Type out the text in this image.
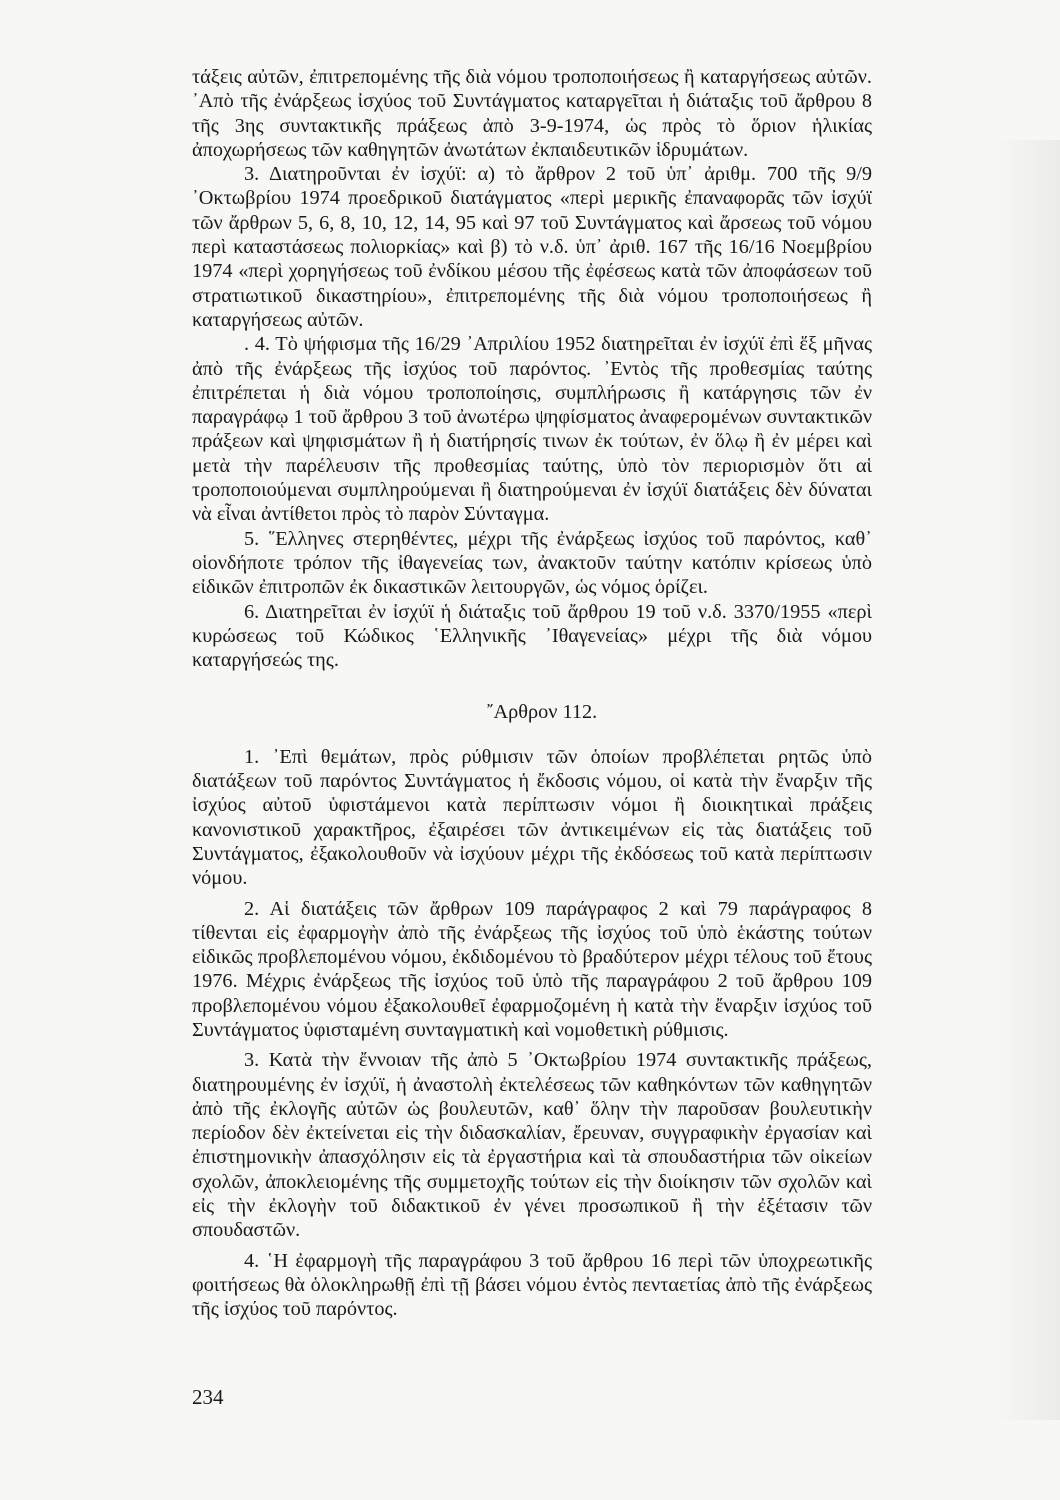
τάξεις αὐτῶν, ἐπιτρεπομένης τῆς διὰ νόμου τροποποιήσεως ἢ καταργήσεως αὐτῶν. ᾿Απὸ τῆς ἐνάρξεως ἰσχύος τοῦ Συντάγματος καταργεῖται ἡ διάταξις τοῦ ἄρθρου 8 τῆς 3ης συντακτικῆς πράξεως ἀπὸ 3-9-1974, ὡς πρὸς τὸ ὅριον ἡλικίας ἀποχωρήσεως τῶν καθηγητῶν ἀνωτάτων ἐκπαιδευτικῶν ἱδρυμάτων.

3. Διατηροῦνται ἐν ἰσχύϊ: α) τὸ ἄρθρον 2 τοῦ ὑπ᾿ ἀριθμ. 700 τῆς 9/9 ᾿Οκτωβρίου 1974 προεδρικοῦ διατάγματος «περὶ μερικῆς ἐπαναφορᾶς τῶν ἰσχύϊ τῶν ἄρθρων 5, 6, 8, 10, 12, 14, 95 καὶ 97 τοῦ Συντάγματος καὶ ἄρσεως τοῦ νόμου περὶ καταστάσεως πολιορκίας» καὶ β) τὸ ν.δ. ὑπ᾿ ἀριθ. 167 τῆς 16/16 Νοεμβρίου 1974 «περὶ χορηγήσεως τοῦ ἐνδίκου μέσου τῆς ἐφέσεως κατὰ τῶν ἀποφάσεων τοῦ στρατιωτικοῦ δικαστηρίου», ἐπιτρεπομένης τῆς διὰ νόμου τροποποιήσεως ἢ καταργήσεως αὐτῶν.

. 4. Τὸ ψήφισμα τῆς 16/29 ᾿Απριλίου 1952 διατηρεῖται ἐν ἰσχύϊ ἐπὶ ἕξ μῆνας ἀπὸ τῆς ἐνάρξεως τῆς ἰσχύος τοῦ παρόντος. ᾿Εντὸς τῆς προθεσμίας ταύτης ἐπιτρέπεται ἡ διὰ νόμου τροποποίησις, συμπλήρωσις ἢ κατάργησις τῶν ἐν παραγράφῳ 1 τοῦ ἄρθρου 3 τοῦ ἀνωτέρω ψηφίσματος ἀναφερομένων συντακτικῶν πράξεων καὶ ψηφισμάτων ἢ ἡ διατήρησίς τινων ἐκ τούτων, ἐν ὅλῳ ἢ ἐν μέρει καὶ μετὰ τὴν παρέλευσιν τῆς προθεσμίας ταύτης, ὑπὸ τὸν περιορισμὸν ὅτι αἱ τροποποιούμεναι συμπληρούμεναι ἢ διατηρούμεναι ἐν ἰσχύϊ διατάξεις δὲν δύναται νὰ εἶναι ἀντίθετοι πρὸς τὸ παρὸν Σύνταγμα.

5. ῞Ελληνες στερηθέντες, μέχρι τῆς ἐνάρξεως ἰσχύος τοῦ παρόντος, καθ᾿ οἱονδήποτε τρόπον τῆς ἰθαγενείας των, ἀνακτοῦν ταύτην κατόπιν κρίσεως ὑπὸ εἰδικῶν ἐπιτροπῶν ἐκ δικαστικῶν λειτουργῶν, ὡς νόμος ὁρίζει.

6. Διατηρεῖται ἐν ἰσχύϊ ἡ διάταξις τοῦ ἄρθρου 19 τοῦ ν.δ. 3370/1955 «περὶ κυρώσεως τοῦ Κώδικος ῾Ελληνικῆς ᾿Ιθαγενείας» μέχρι τῆς διὰ νόμου καταργήσεώς της.

῎Αρθρον 112.

1. ᾿Επὶ θεμάτων, πρὸς ρύθμισιν τῶν ὁποίων προβλέπεται ρητῶς ὑπὸ διατάξεων τοῦ παρόντος Συντάγματος ἡ ἔκδοσις νόμου, οἱ κατὰ τὴν ἔναρξιν τῆς ἰσχύος αὐτοῦ ὑφιστάμενοι κατὰ περίπτωσιν νόμοι ἢ διοικητικαὶ πράξεις κανονιστικοῦ χαρακτῆρος, ἐξαιρέσει τῶν ἀντικειμένων εἰς τὰς διατάξεις τοῦ Συντάγματος, ἐξακολουθοῦν νὰ ἰσχύουν μέχρι τῆς ἐκδόσεως τοῦ κατὰ περίπτωσιν νόμου.

2. Αἱ διατάξεις τῶν ἄρθρων 109 παράγραφος 2 καὶ 79 παράγραφος 8 τίθενται εἰς ἐφαρμογὴν ἀπὸ τῆς ἐνάρξεως τῆς ἰσχύος τοῦ ὑπὸ ἑκάστης τούτων εἰδικῶς προβλεπομένου νόμου, ἐκδιδομένου τὸ βραδύτερον μέχρι τέλους τοῦ ἔτους 1976. Μέχρις ἐνάρξεως τῆς ἰσχύος τοῦ ὑπὸ τῆς παραγράφου 2 τοῦ ἄρθρου 109 προβλεπομένου νόμου ἐξακολουθεῖ ἐφαρμοζομένη ἡ κατὰ τὴν ἔναρξιν ἰσχύος τοῦ Συντάγματος ὑφισταμένη συνταγματικὴ καὶ νομοθετικὴ ρύθμισις.

3. Κατὰ τὴν ἔννοιαν τῆς ἀπὸ 5 ᾿Οκτωβρίου 1974 συντακτικῆς πράξεως, διατηρουμένης ἐν ἰσχύϊ, ἡ ἀναστολὴ ἐκτελέσεως τῶν καθηκόντων τῶν καθηγητῶν ἀπὸ τῆς ἐκλογῆς αὐτῶν ὡς βουλευτῶν, καθ᾿ ὅλην τὴν παροῦσαν βουλευτικὴν περίοδον δὲν ἐκτείνεται εἰς τὴν διδασκαλίαν, ἔρευναν, συγγραφικὴν ἐργασίαν καὶ ἐπιστημονικὴν ἀπασχόλησιν εἰς τὰ ἐργαστήρια καὶ τὰ σπουδαστήρια τῶν οἰκείων σχολῶν, ἀποκλειομένης τῆς συμμετοχῆς τούτων εἰς τὴν διοίκησιν τῶν σχολῶν καὶ εἰς τὴν ἐκλογὴν τοῦ διδακτικοῦ ἐν γένει προσωπικοῦ ἢ τὴν ἐξέτασιν τῶν σπουδαστῶν.

4. ῾Η ἐφαρμογὴ τῆς παραγράφου 3 τοῦ ἄρθρου 16 περὶ τῶν ὑποχρεωτικῆς φοιτήσεως θὰ ὁλοκληρωθῇ ἐπὶ τῇ βάσει νόμου ἐντὸς πενταετίας ἀπὸ τῆς ἐνάρξεως τῆς ἰσχύος τοῦ παρόντος.

234
